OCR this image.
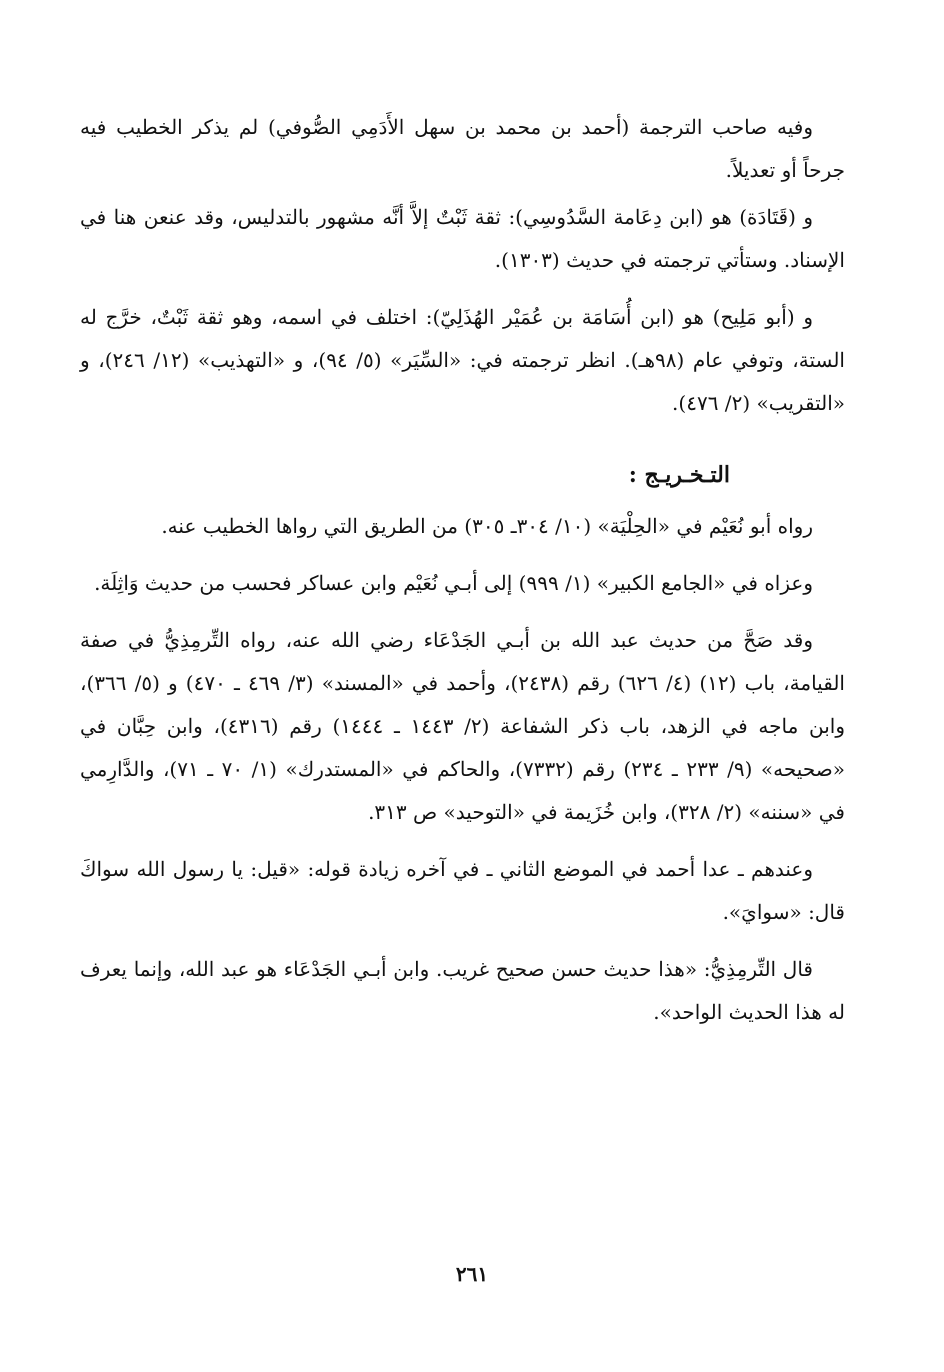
وفيه صاحب الترجمة (أحمد بن محمد بن سهل الأَدَمِي الصُّوفي) لم يذكر الخطيب فيه جرحاً أو تعديلاً.

و (قَتَادَة) هو (ابن دِعَامة السَّدُوسِي): ثقة ثَبْتٌ إلاَّ أنَّه مشهور بالتدليس، وقد عنعن هنا في الإسناد. وستأتي ترجمته في حديث (١٣٠٣).

و (أبو مَلِيح) هو (ابن أُسَامَة بن عُمَيْر الهُذَلِيّ): اختلف في اسمه، وهو ثقة ثَبْتٌ، خرَّج له الستة، وتوفي عام (٩٨هـ). انظر ترجمته في: «السِّيَر» (٥/ ٩٤)، و «التهذيب» (١٢/ ٢٤٦)، و «التقريب» (٢/ ٤٧٦).

التـخـريـج :

رواه أبو نُعَيْم في «الحِلْيَة» (١٠/ ٣٠٤ـ ٣٠٥) من الطريق التي رواها الخطيب عنه.

وعزاه في «الجامع الكبير» (١/ ٩٩٩) إلى أبـي نُعَيْم وابن عساكر فحسب من حديث وَاثِلَة.

وقد صَحَّ من حديث عبد الله بن أبـي الجَدْعَاء رضي الله عنه، رواه التِّرمِذِيُّ في صفة القيامة، باب (١٢) (٤/ ٦٢٦) رقم (٢٤٣٨)، وأحمد في «المسند» (٣/ ٤٦٩ ـ ٤٧٠) و (٥/ ٣٦٦)، وابن ماجه في الزهد، باب ذكر الشفاعة (٢/ ١٤٤٣ ـ ١٤٤٤) رقم (٤٣١٦)، وابن حِبَّان في «صحيحه» (٩/ ٢٣٣ ـ ٢٣٤) رقم (٧٣٣٢)، والحاكم في «المستدرك» (١/ ٧٠ ـ ٧١)، والدَّارِمي في «سننه» (٢/ ٣٢٨)، وابن خُزَيمة في «التوحيد» ص ٣١٣.

وعندهم ـ عدا أحمد في الموضع الثاني ـ في آخره زيادة قوله: «قيل: يا رسول الله سواكَ قال: «سوايَ».

قال التِّرمِذِيُّ: «هذا حديث حسن صحيح غريب. وابن أبـي الجَدْعَاء هو عبد الله، وإنما يعرف له هذا الحديث الواحد».

٢٦١
